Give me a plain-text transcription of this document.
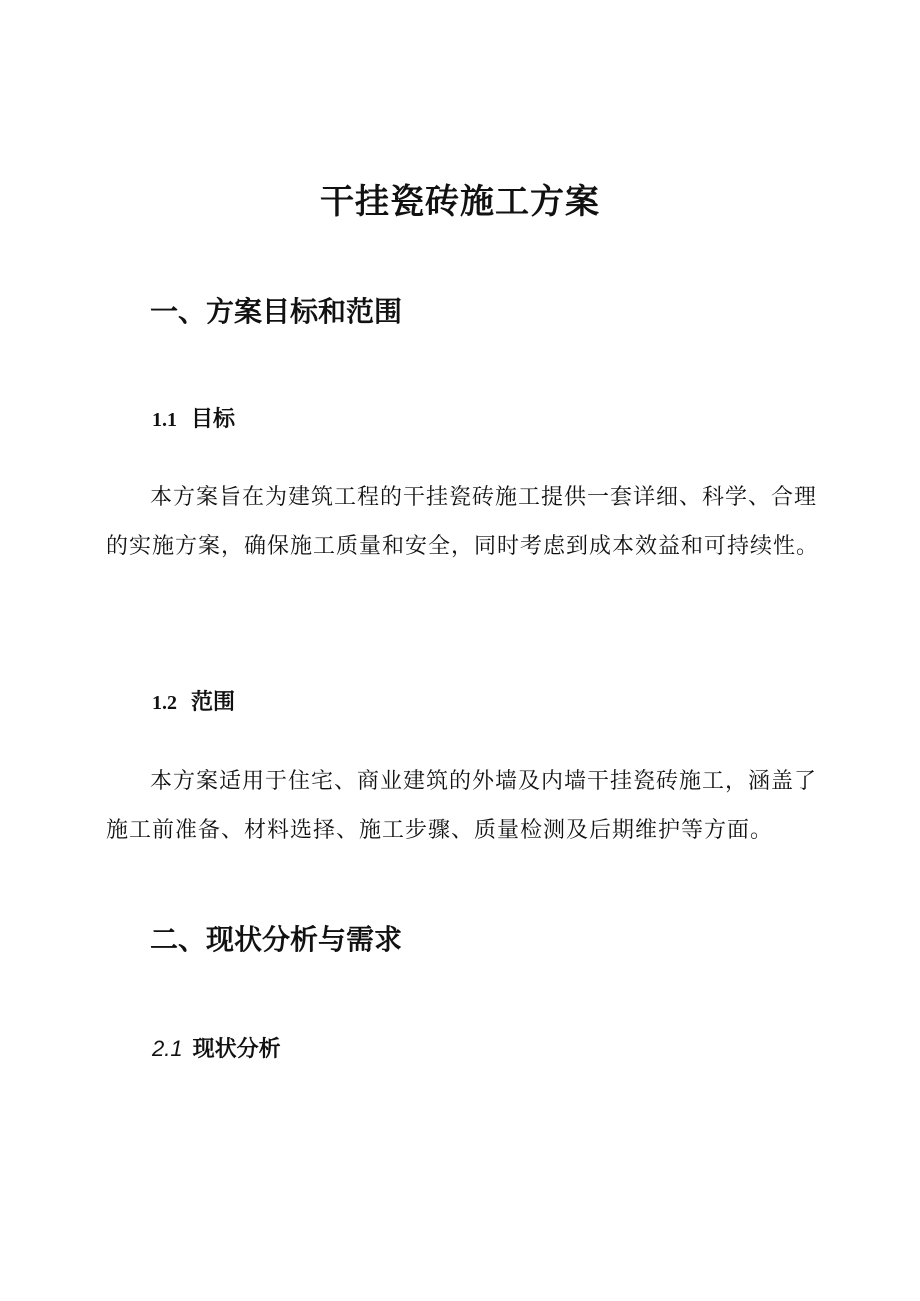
干挂瓷砖施工方案
一、方案目标和范围
1.1 目标

本方案旨在为建筑工程的干挂瓷砖施工提供一套详细、科学、合理的实施方案，确保施工质量和安全，同时考虑到成本效益和可持续性。

1.2 范围

本方案适用于住宅、商业建筑的外墙及内墙干挂瓷砖施工，涵盖了施工前准备、材料选择、施工步骤、质量检测及后期维护等方面。

二、现状分析与需求
2.1 现状分析
